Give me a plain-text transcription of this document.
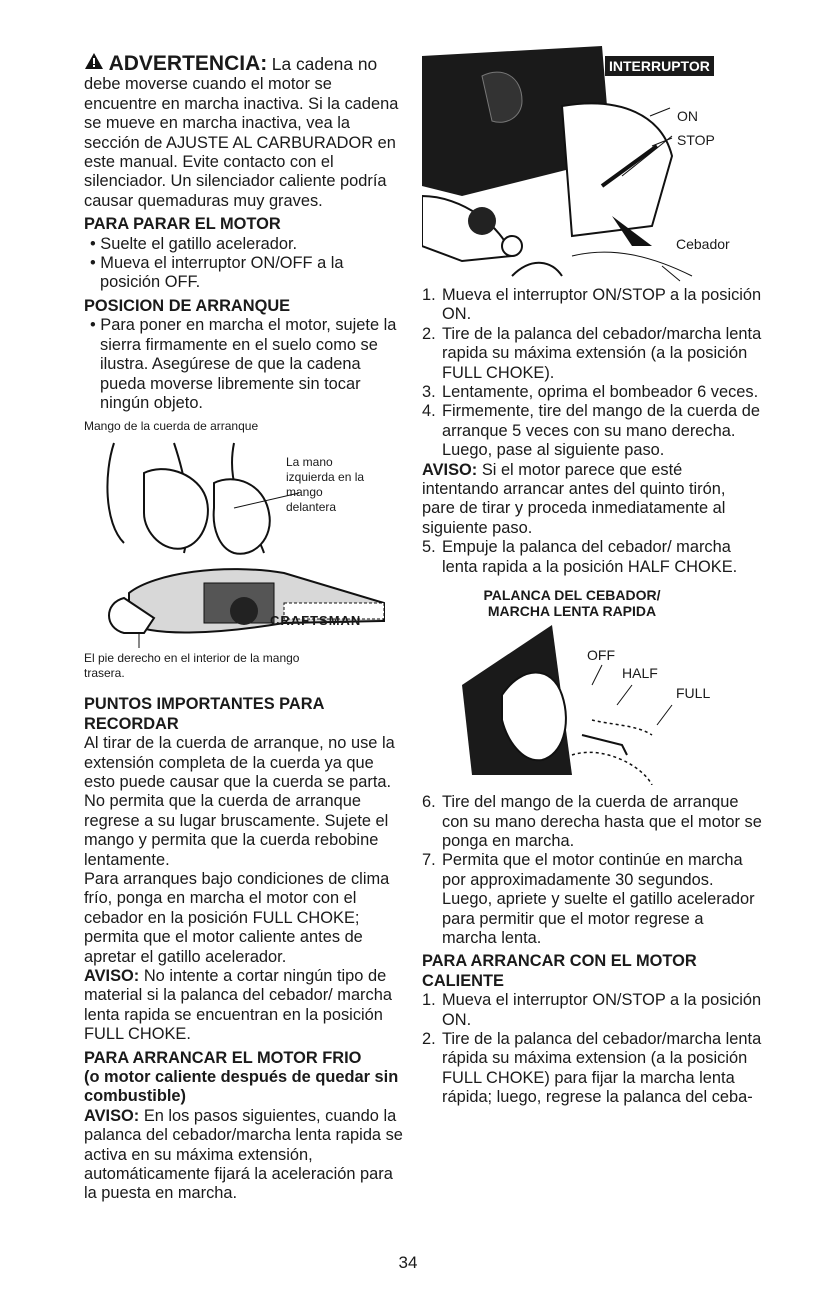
ADVERTENCIA: La cadena no debe moverse cuando el motor se encuentre en marcha inactiva. Si la cadena se mueve en marcha inactiva, vea la sección de AJUSTE AL CARBURADOR en este manual. Evite contacto con el silenciador. Un silenciador caliente podría causar quemaduras muy graves.

PARA PARAR EL MOTOR

• Suelte el gatillo acelerador.

• Mueva el interruptor ON/OFF a la posición OFF.

POSICION DE ARRANQUE

• Para poner en marcha el motor, sujete la sierra firmamente en el suelo como se ilustra. Asegúrese de que la cadena pueda moverse libremente sin tocar ningún objeto.

Mango de la cuerda de arranque
La mano izquierda en la mango delantera
CRAFTSMAN
El pie derecho en el interior de la mango trasera.
PUNTOS IMPORTANTES PARA RECORDAR

Al tirar de la cuerda de arranque, no use la extensión completa de la cuerda ya que esto puede causar que la cuerda se parta. No permita que la cuerda de arranque regrese a su lugar bruscamente. Sujete el mango y permita que la cuerda rebobine lentamente.

Para arranques bajo condiciones de clima frío, ponga en marcha el motor con el cebador en la posición FULL CHOKE; permita que el motor caliente antes de apretar el gatillo acelerador.

AVISO: No intente a cortar ningún tipo de material si la palanca del cebador/ marcha lenta rapida se encuentran en la posición FULL CHOKE.

PARA ARRANCAR EL MOTOR FRIO
(o motor caliente después de quedar sin combustible)

AVISO: En los pasos siguientes, cuando la palanca del cebador/marcha lenta rapida se activa en su máxima extensión, automáticamente fijará la aceleración para la puesta en marcha.

INTERRUPTOR
ON
STOP
Cebador
1. Mueva el interruptor ON/STOP a la posición ON.
2. Tire de la palanca del cebador/marcha lenta rapida su máxima extensión (a la posición FULL CHOKE).
3. Lentamente, oprima el bombeador 6 veces.
4. Firmemente, tire del mango de la cuerda de arranque 5 veces con su mano derecha. Luego, pase al siguiente paso.

AVISO: Si el motor parece que esté intentando arrancar antes del quinto tirón, pare de tirar y proceda inmediatamente al siguiente paso.

5. Empuje la palanca del cebador/ marcha lenta rapida a la posición HALF CHOKE.
PALANCA DEL CEBADOR/
MARCHA LENTA RAPIDA
OFF
HALF
FULL
6. Tire del mango de la cuerda de arranque con su mano derecha hasta que el motor se ponga en marcha.
7. Permita que el motor continúe en marcha por approximadamente 30 segundos. Luego, apriete y suelte el gatillo acelerador para permitir que el motor regrese a marcha lenta.
PARA ARRANCAR CON EL MOTOR CALIENTE
1. Mueva el interruptor ON/STOP a la posición ON.
2. Tire de la palanca del cebador/marcha lenta rápida su máxima extension (a la posición FULL CHOKE) para fijar la marcha lenta rápida; luego, regrese la palanca del ceba-
34
